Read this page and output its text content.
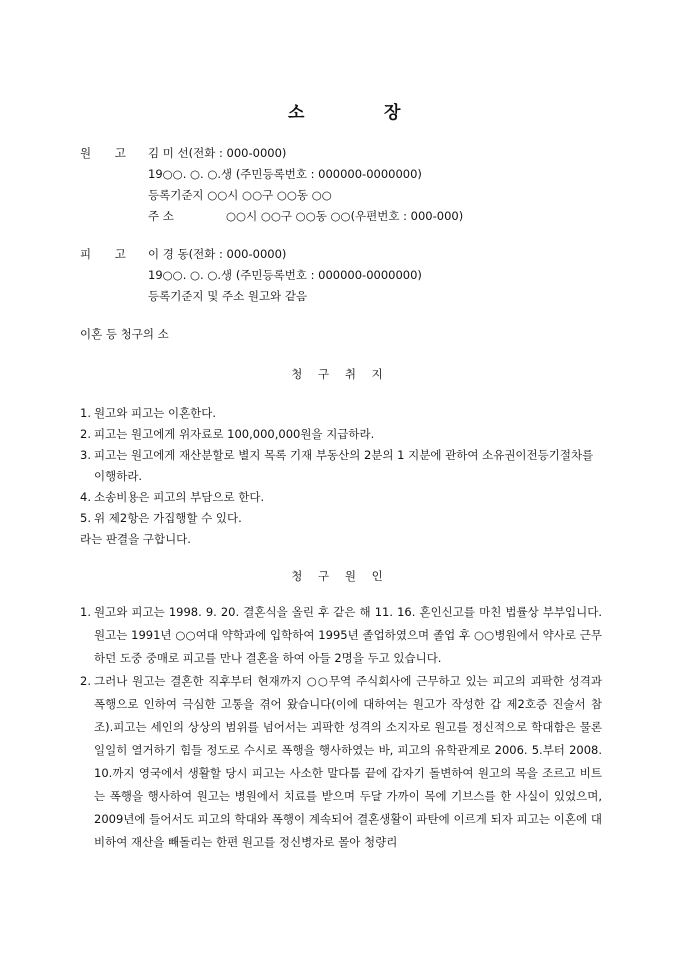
소	장
원 고 김 미 선(전화 : 000-0000)
19○○. ○. ○.생 (주민등록번호 : 000000-0000000)
등록기준지 ○○시 ○○구 ○○동 ○○
주 소	○○시 ○○구 ○○동 ○○(우편번호 : 000-000)
피 고 이 경 동(전화 : 000-0000)
19○○. ○. ○.생 (주민등록번호 : 000000-0000000)
등록기준지 및 주소 원고와 같음
이혼 등 청구의 소
청 구 취 지
1. 원고와 피고는 이혼한다.
2. 피고는 원고에게 위자료로 100,000,000원을 지급하라.
3. 피고는 원고에게 재산분할로 별지 목록 기재 부동산의 2분의 1 지분에 관하여 소유권이전등기절차를 이행하라.
4. 소송비용은 피고의 부담으로 한다.
5. 위 제2항은 가집행할 수 있다.
라는 판결을 구합니다.
청 구 원 인
1. 원고와 피고는 1998. 9. 20. 결혼식을 올린 후 같은 해 11. 16. 혼인신고를 마친 법률상 부부입니다.원고는 1991년 ○○여대 약학과에 입학하여 1995년 졸업하였으며 졸업 후 ○○병원에서 약사로 근무하던 도중 중매로 피고를 만나 결혼을 하여 아들 2명을 두고 있습니다.
2. 그러나 원고는 결혼한 직후부터 현재까지 ○○무역 주식회사에 근무하고 있는 피고의 괴팍한 성격과 폭행으로 인하여 극심한 고통을 겪어 왔습니다(이에 대하여는 원고가 작성한 갑 제2호증 진술서 참조).피고는 세인의 상상의 범위를 넘어서는 괴팍한 성격의 소지자로 원고를 정신적으로 학대함은 물론 일일히 열거하기 힘들 정도로 수시로 폭행을 행사하였는 바, 피고의 유학관계로 2006. 5.부터 2008. 10.까지 영국에서 생활할 당시 피고는 사소한 말다툼 끝에 갑자기 돌변하여 원고의 목을 조르고 비트는 폭행을 행사하여 원고는 병원에서 치료를 받으며 두달 가까이 목에 기브스를 한 사실이 있었으며, 2009년에 들어서도 피고의 학대와 폭행이 계속되어 결혼생활이 파탄에 이르게 되자 피고는 이혼에 대비하여 재산을 빼돌리는 한편 원고를 정신병자로 몰아 청량리
